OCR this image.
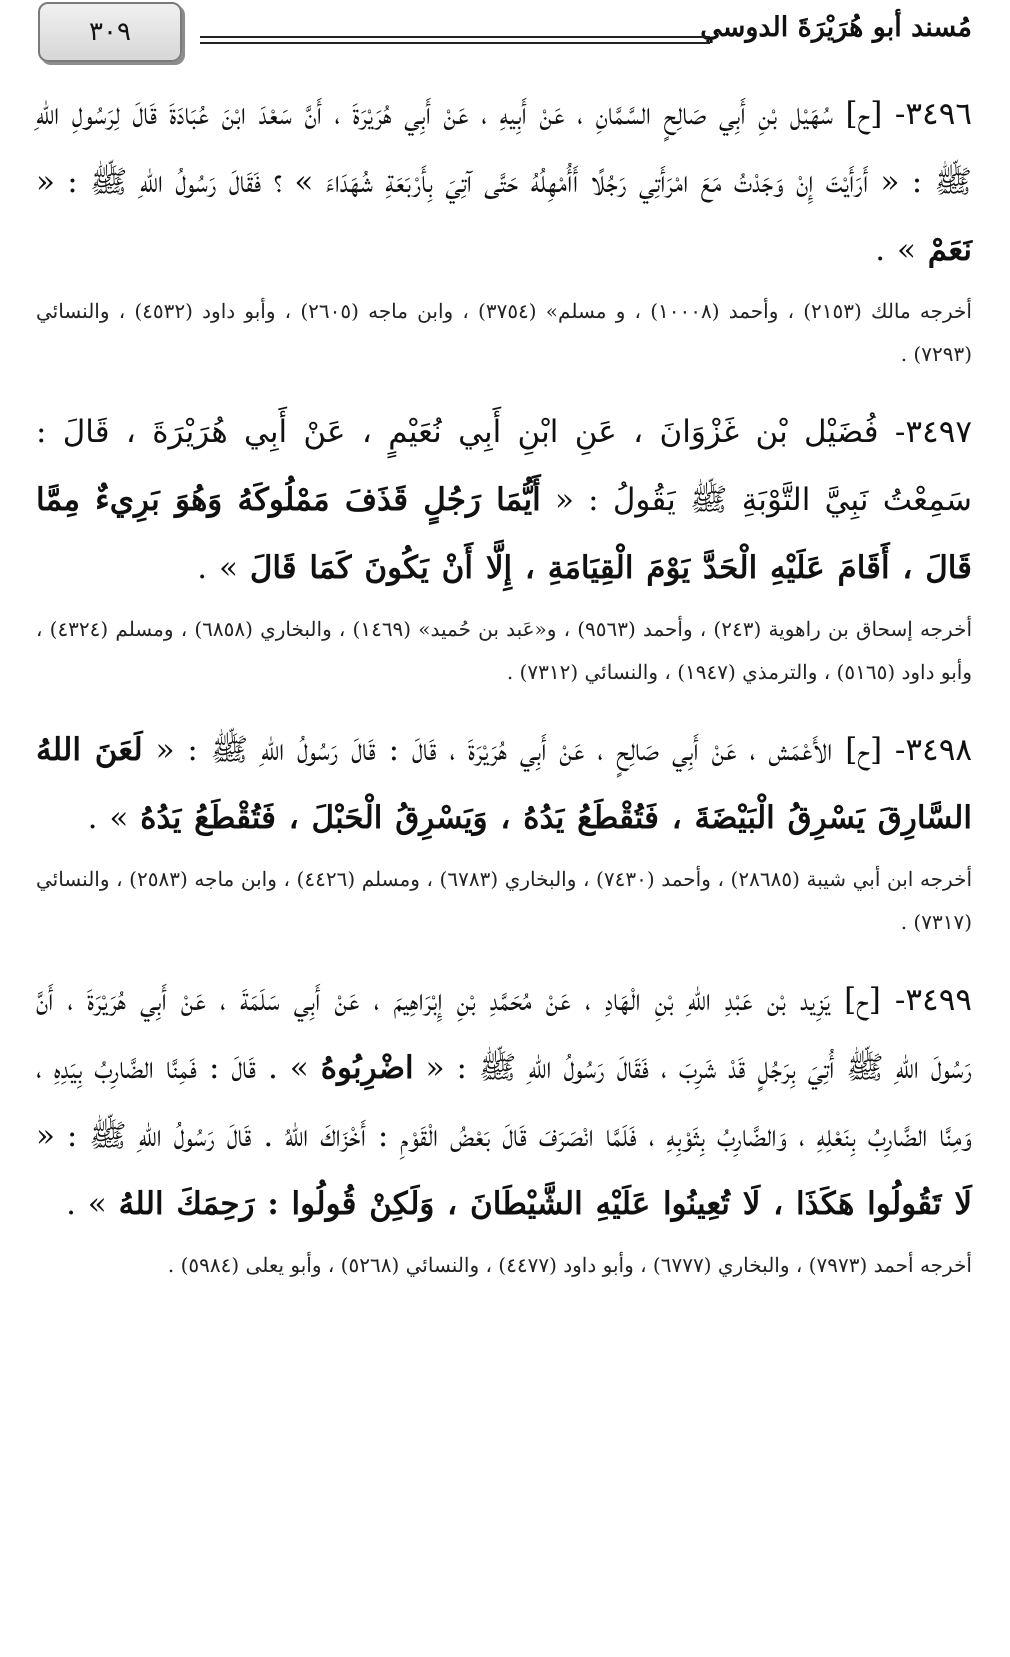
مُسند أبو هُرَيْرَةَ الدوسي
٣٠٩

٣٤٩٦- [ح] سُهَيْل بْنِ أَبِي صَالِحٍ السَّمَّانِ ، عَنْ أَبِيهِ ، عَنْ أَبِي هُرَيْرَةَ ، أَنَّ سَعْدَ ابْنَ عُبَادَةَ قَالَ لِرَسُولِ اللهِ ﷺ : « أَرَأَيْتَ إِنْ وَجَدْتُ مَعَ امْرَأَتِي رَجُلًا أَأُمْهِلُهُ حَتَّى آتِيَ بِأَرْبَعَةِ شُهَدَاءَ » ؟ فَقَالَ رَسُولُ اللهِ ﷺ : « نَعَمْ » .

أخرجه مالك (٢١٥٣) ، وأحمد (١٠٠٠٨) ، و مسلم» (٣٧٥٤) ، وابن ماجه (٢٦٠٥) ، وأبو داود (٤٥٣٢) ، والنسائي (٧٢٩٣) .

٣٤٩٧- فُضَيْل بْن غَزْوَانَ ، عَنِ ابْنِ أَبِي نُعَيْمٍ ، عَنْ أَبِي هُرَيْرَةَ ، قَالَ : سَمِعْتُ نَبِيَّ التَّوْبَةِ ﷺ يَقُولُ : « أَيُّمَا رَجُلٍ قَذَفَ مَمْلُوكَهُ وَهُوَ بَرِيءٌ مِمَّا قَالَ ، أَقَامَ عَلَيْهِ الْحَدَّ يَوْمَ الْقِيَامَةِ ، إِلَّا أَنْ يَكُونَ كَمَا قَالَ » .

أخرجه إسحاق بن راهوية (٢٤٣) ، وأحمد (٩٥٦٣) ، و«عَبد بن حُميد» (١٤٦٩) ، والبخاري (٦٨٥٨) ، ومسلم (٤٣٢٤) ، وأبو داود (٥١٦٥) ، والترمذي (١٩٤٧) ، والنسائي (٧٣١٢) .

٣٤٩٨- [ح] الأَعْمَش ، عَنْ أَبِي صَالِحٍ ، عَنْ أَبِي هُرَيْرَةَ ، قَالَ : قَالَ رَسُولُ اللهِ ﷺ : « لَعَنَ اللهُ السَّارِقَ يَسْرِقُ الْبَيْضَةَ ، فَتُقْطَعُ يَدُهُ ، وَيَسْرِقُ الْحَبْلَ ، فَتُقْطَعُ يَدُهُ » .

أخرجه ابن أبي شيبة (٢٨٦٨٥) ، وأحمد (٧٤٣٠) ، والبخاري (٦٧٨٣) ، ومسلم (٤٤٢٦) ، وابن ماجه (٢٥٨٣) ، والنسائي (٧٣١٧) .

٣٤٩٩- [ح] يَزِيد بْن عَبْدِ اللهِ بْنِ الْهَادِ ، عَنْ مُحَمَّدِ بْنِ إِبْرَاهِيمَ ، عَنْ أَبِي سَلَمَةَ ، عَنْ أَبِي هُرَيْرَةَ ، أَنَّ رَسُولَ اللهِ ﷺ أُتِيَ بِرَجُلٍ قَدْ شَرِبَ ، فَقَالَ رَسُولُ اللهِ ﷺ : « اضْرِبُوهُ » . قَالَ : فَمِنَّا الضَّارِبُ بِيَدِهِ ، وَمِنَّا الضَّارِبُ بِنَعْلِهِ ، وَالضَّارِبُ بِثَوْبِهِ ، فَلَمَّا انْصَرَفَ قَالَ بَعْضُ الْقَوْمِ : أَخْزَاكَ اللهُ . قَالَ رَسُولُ اللهِ ﷺ : « لَا تَقُولُوا هَكَذَا ، لَا تُعِينُوا عَلَيْهِ الشَّيْطَانَ ، وَلَكِنْ قُولُوا : رَحِمَكَ اللهُ » .

أخرجه أحمد (٧٩٧٣) ، والبخاري (٦٧٧٧) ، وأبو داود (٤٤٧٧) ، والنسائي (٥٢٦٨) ، وأبو يعلى (٥٩٨٤) .
